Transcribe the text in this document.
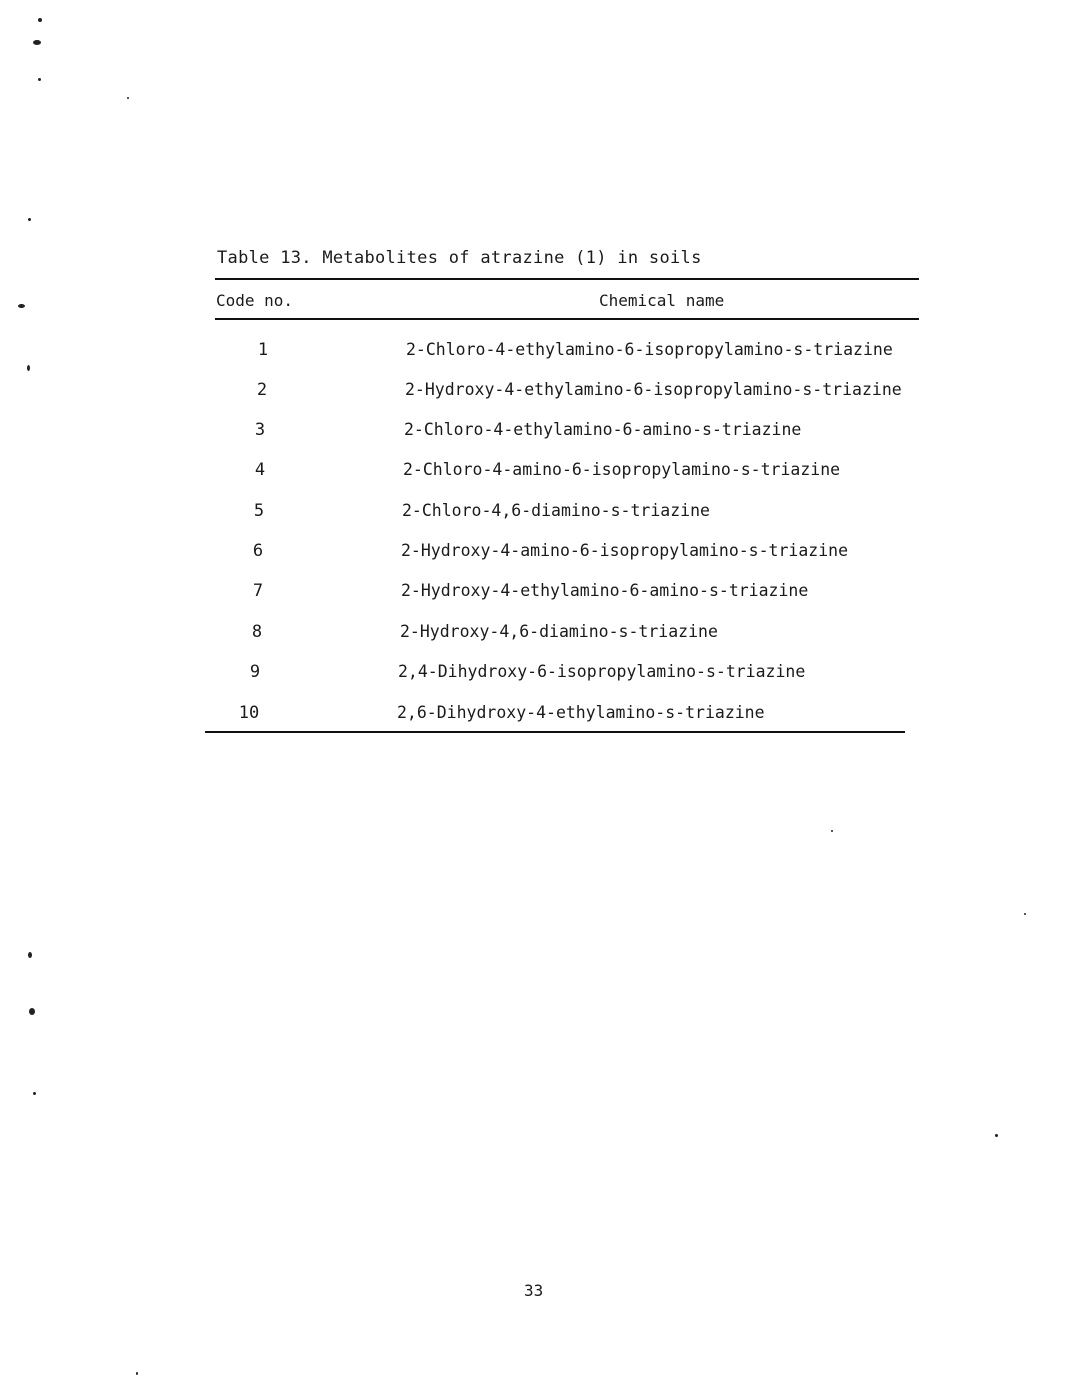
Table 13. Metabolites of atrazine (1) in soils
Code no.	Chemical name
1	2-Chloro-4-ethylamino-6-isopropylamino-s-triazine
2	2-Hydroxy-4-ethylamino-6-isopropylamino-s-triazine
3	2-Chloro-4-ethylamino-6-amino-s-triazine
4	2-Chloro-4-amino-6-isopropylamino-s-triazine
5	2-Chloro-4,6-diamino-s-triazine
6	2-Hydroxy-4-amino-6-isopropylamino-s-triazine
7	2-Hydroxy-4-ethylamino-6-amino-s-triazine
8	2-Hydroxy-4,6-diamino-s-triazine
9	2,4-Dihydroxy-6-isopropylamino-s-triazine
10	2,6-Dihydroxy-4-ethylamino-s-triazine
33
